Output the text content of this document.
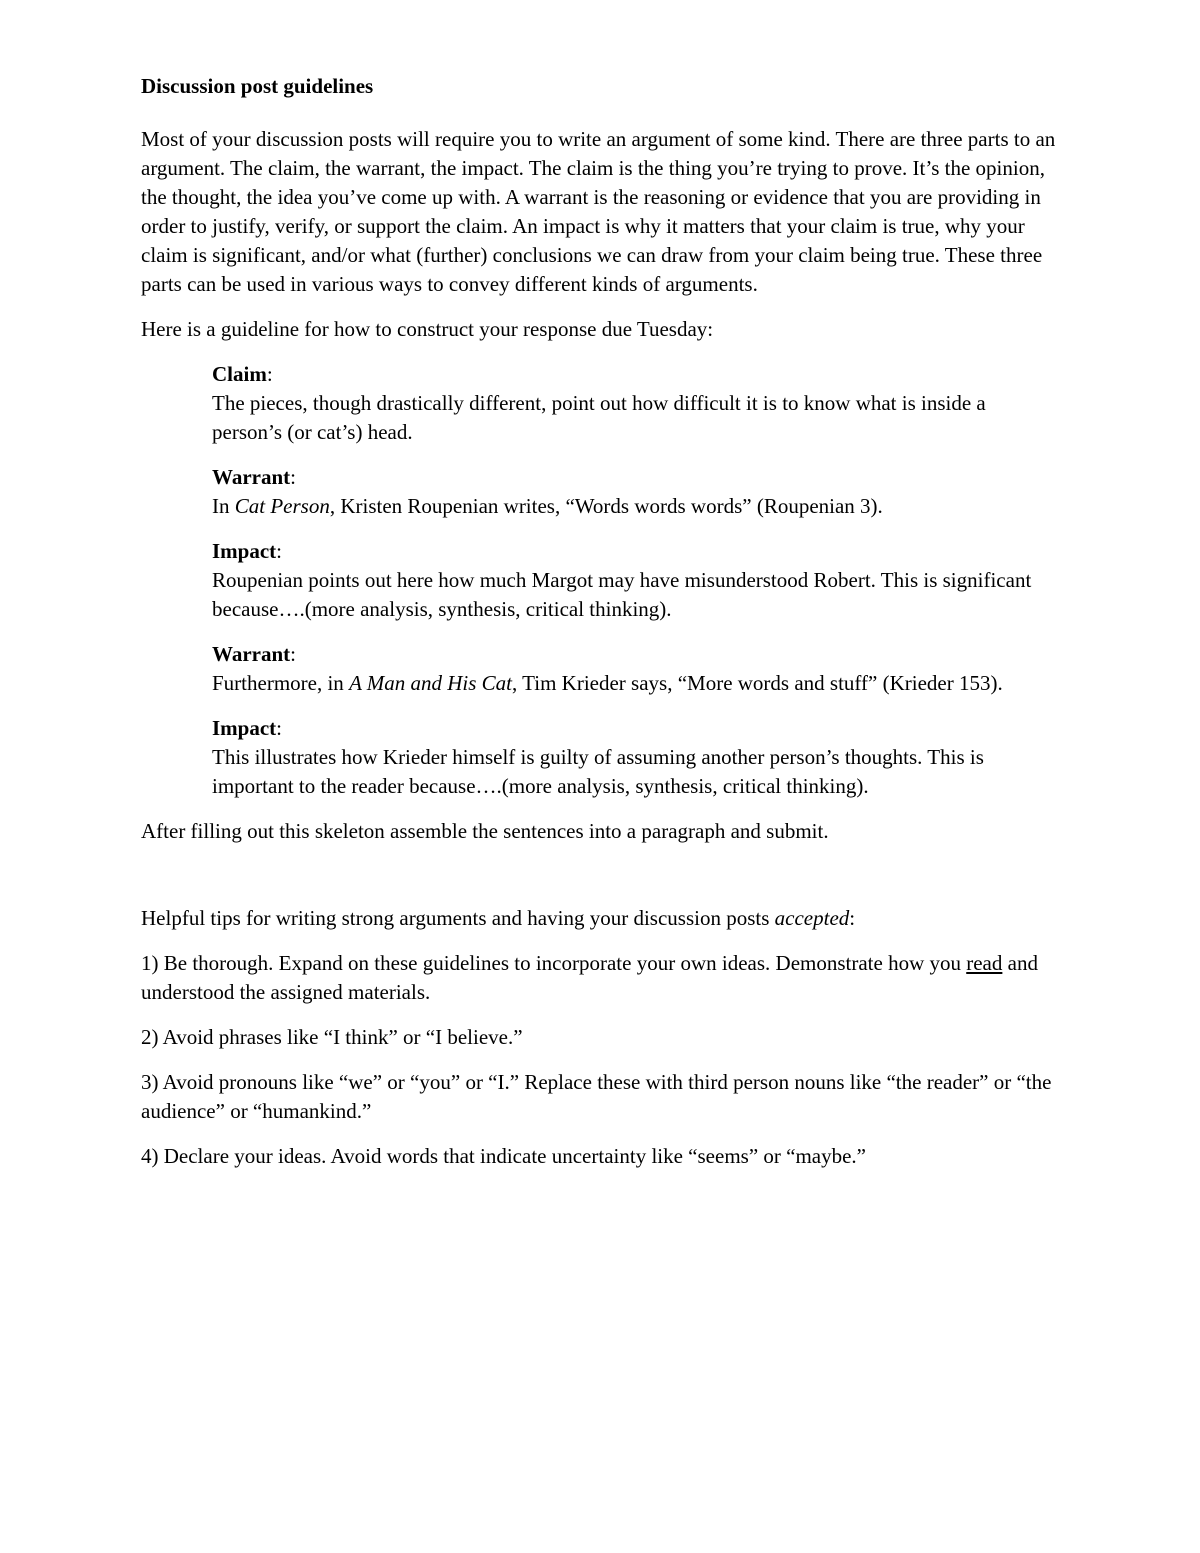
Discussion post guidelines

Most of your discussion posts will require you to write an argument of some kind. There are three parts to an argument. The claim, the warrant, the impact. The claim is the thing you’re trying to prove. It’s the opinion, the thought, the idea you’ve come up with. A warrant is the reasoning or evidence that you are providing in order to justify, verify, or support the claim. An impact is why it matters that your claim is true, why your claim is significant, and/or what (further) conclusions we can draw from your claim being true. These three parts can be used in various ways to convey different kinds of arguments.

Here is a guideline for how to construct your response due Tuesday:

Claim:
The pieces, though drastically different, point out how difficult it is to know what is inside a person’s (or cat’s) head.
Warrant:
In Cat Person, Kristen Roupenian writes, “Words words words” (Roupenian 3).
Impact:
Roupenian points out here how much Margot may have misunderstood Robert. This is significant because….(more analysis, synthesis, critical thinking).
Warrant:
Furthermore, in A Man and His Cat, Tim Krieder says, “More words and stuff” (Krieder 153).
Impact:
This illustrates how Krieder himself is guilty of assuming another person’s thoughts. This is important to the reader because….(more analysis, synthesis, critical thinking).

After filling out this skeleton assemble the sentences into a paragraph and submit.

Helpful tips for writing strong arguments and having your discussion posts accepted:

1) Be thorough. Expand on these guidelines to incorporate your own ideas. Demonstrate how you read and understood the assigned materials.

2) Avoid phrases like “I think” or “I believe.”

3) Avoid pronouns like “we” or “you” or “I.” Replace these with third person nouns like “the reader” or “the audience” or “humankind.”

4) Declare your ideas. Avoid words that indicate uncertainty like “seems” or “maybe.”
